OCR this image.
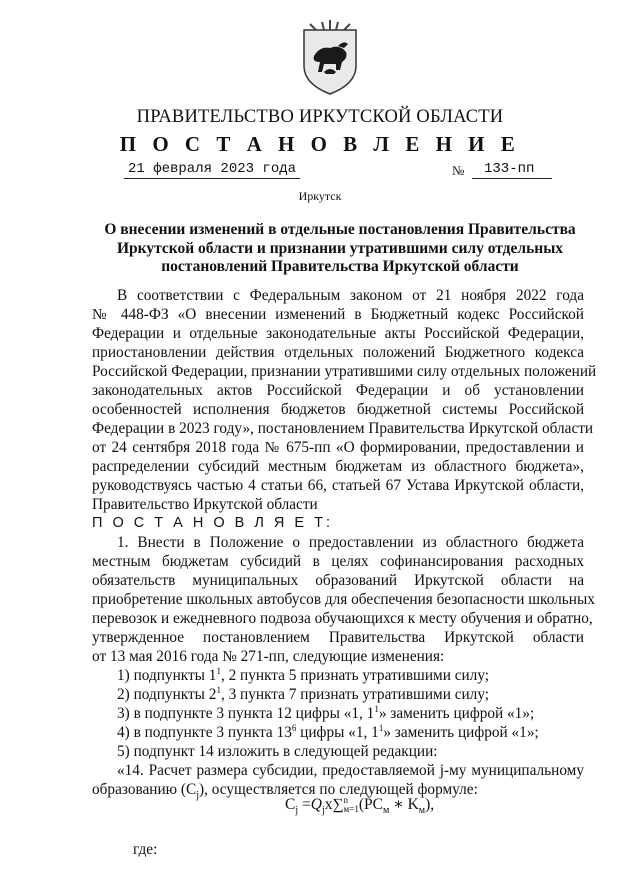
ПРАВИТЕЛЬСТВО ИРКУТСКОЙ ОБЛАСТИ
П О С Т А Н О В Л Е Н И Е
21 февраля 2023 года	№	133-пп
Иркутск
О внесении изменений в отдельные постановления Правительства
Иркутской области и признании утратившими силу отдельных
постановлений Правительства Иркутской области
В соответствии с Федеральным законом от 21 ноября 2022 года
№ 448-ФЗ «О внесении изменений в Бюджетный кодекс Российской
Федерации и отдельные законодательные акты Российской Федерации,
приостановлении действия отдельных положений Бюджетного кодекса
Российской Федерации, признании утратившими силу отдельных положений
законодательных актов Российской Федерации и об установлении
особенностей исполнения бюджетов бюджетной системы Российской
Федерации в 2023 году», постановлением Правительства Иркутской области
от 24 сентября 2018 года № 675-пп «О формировании, предоставлении и
распределении субсидий местным бюджетам из областного бюджета»,
руководствуясь частью 4 статьи 66, статьей 67 Устава Иркутской области,
Правительство Иркутской области
П О С Т А Н О В Л Я Е Т:
1. Внести в Положение о предоставлении из областного бюджета
местным бюджетам субсидий в целях софинансирования расходных
обязательств муниципальных образований Иркутской области на
приобретение школьных автобусов для обеспечения безопасности школьных
перевозок и ежедневного подвоза обучающихся к месту обучения и обратно,
утвержденное постановлением Правительства Иркутской области
от 13 мая 2016 года № 271-пп, следующие изменения:
1) подпункты $1^1$, 2 пункта 5 признать утратившими силу;
2) подпункты $2^1$, 3 пункта 7 признать утратившими силу;
3) в подпункте 3 пункта 12 цифры «1, $1^1$» заменить цифрой «1»;
4) в подпункте 3 пункта $13^6$ цифры «1, $1^1$» заменить цифрой «1»;
5) подпункт 14 изложить в следующей редакции:
$C_j =Q_jx\sum$ n
м=1 ($PC_м$ ∗ $K_м$),
где:
«14. Расчет размера субсидии, предоставляемой j-му муниципальному
образованию $(C_j)$, осуществляется по следующей формуле:
